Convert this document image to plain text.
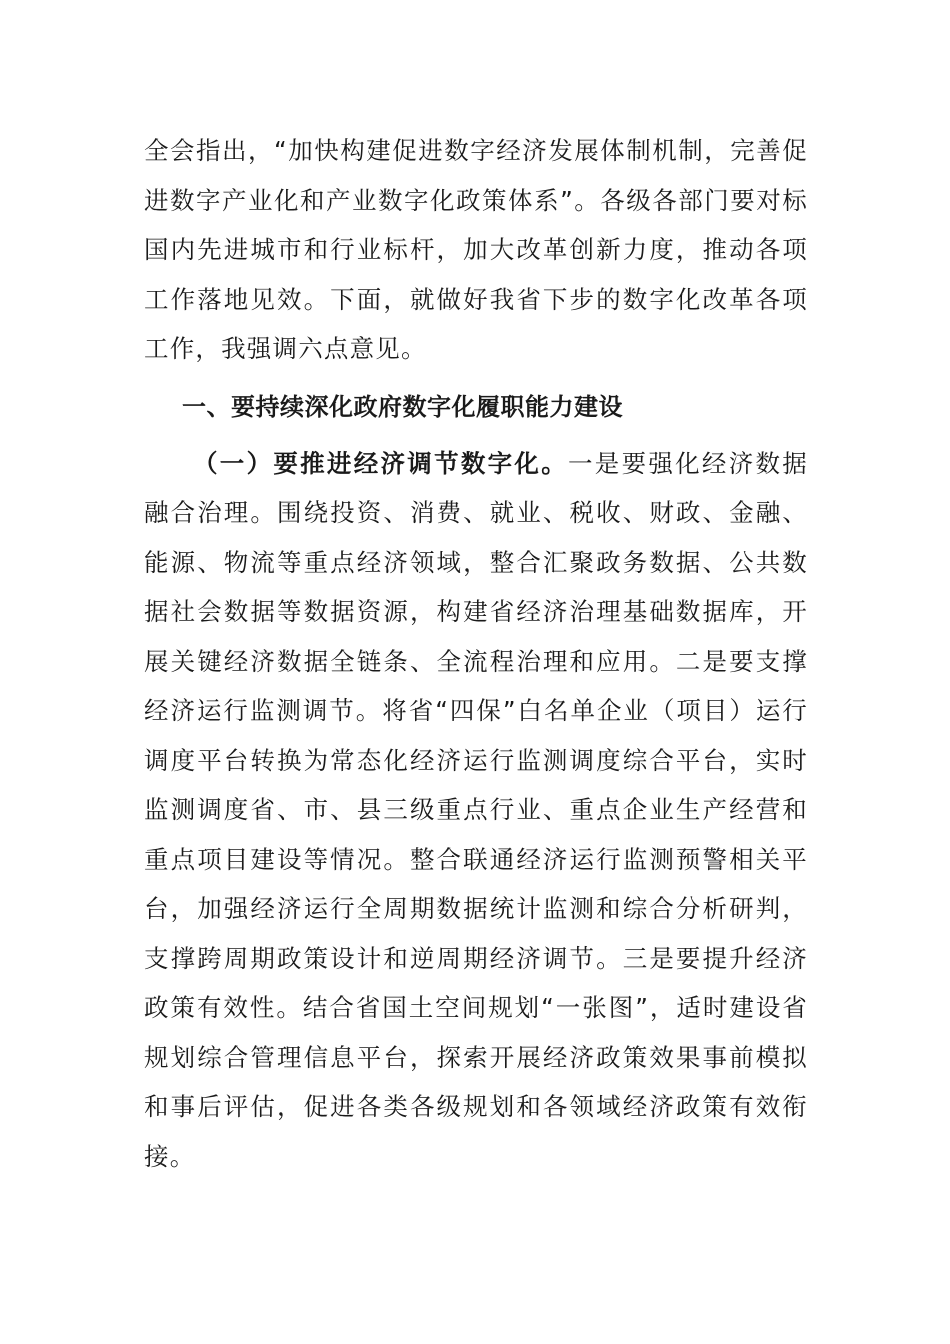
全会指出，“加快构建促进数字经济发展体制机制，完善促进数字产业化和产业数字化政策体系”。各级各部门要对标国内先进城市和行业标杆，加大改革创新力度，推动各项工作落地见效。下面，就做好我省下步的数字化改革各项工作，我强调六点意见。

一、要持续深化政府数字化履职能力建设

（一）要推进经济调节数字化。一是要强化经济数据融合治理。围绕投资、消费、就业、税收、财政、金融、能源、物流等重点经济领域，整合汇聚政务数据、公共数据社会数据等数据资源，构建省经济治理基础数据库，开展关键经济数据全链条、全流程治理和应用。二是要支撑经济运行监测调节。将省“四保”白名单企业（项目）运行调度平台转换为常态化经济运行监测调度综合平台，实时监测调度省、市、县三级重点行业、重点企业生产经营和重点项目建设等情况。整合联通经济运行监测预警相关平台，加强经济运行全周期数据统计监测和综合分析研判，支撑跨周期政策设计和逆周期经济调节。三是要提升经济政策有效性。结合省国土空间规划“一张图”，适时建设省规划综合管理信息平台，探索开展经济政策效果事前模拟和事后评估，促进各类各级规划和各领域经济政策有效衔接。
